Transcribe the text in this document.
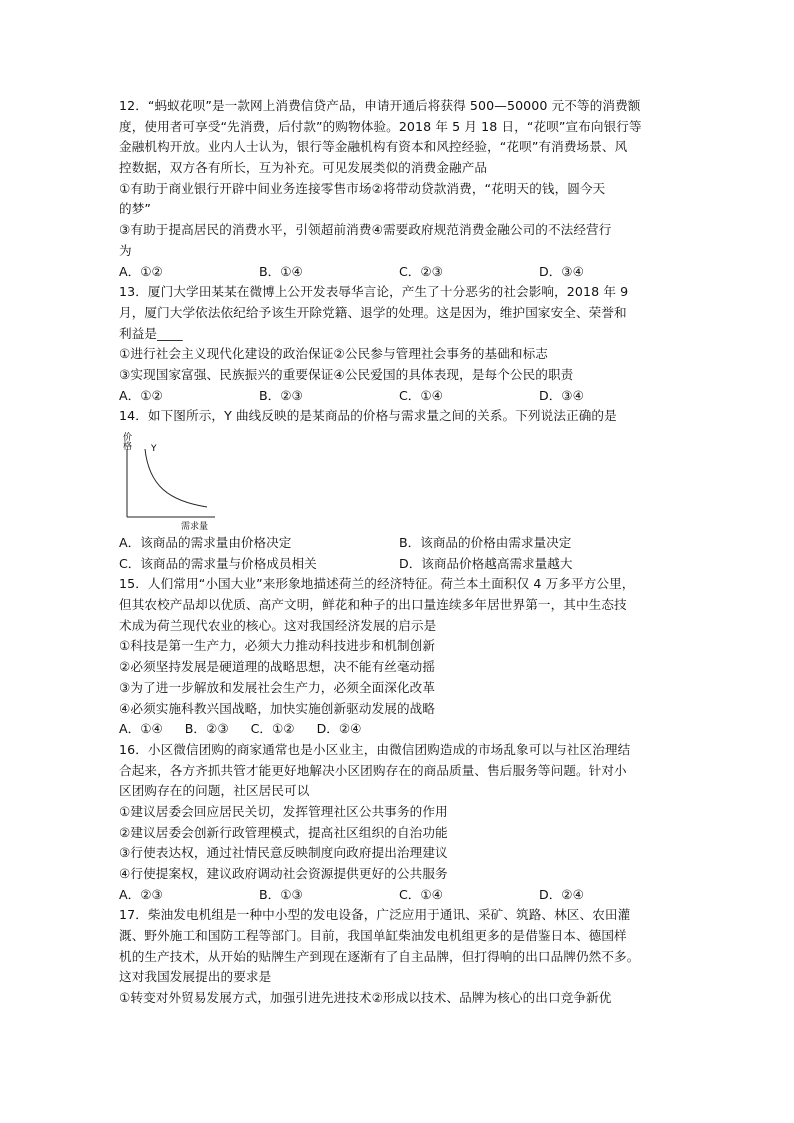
12．“蚂蚁花呗”是一款网上消费信贷产品，申请开通后将获得 500—50000 元不等的消费额
度，使用者可享受“先消费，后付款”的购物体验。2018 年 5 月 18 日，“花呗”宣布向银行等
金融机构开放。业内人士认为，银行等金融机构有资本和风控经验，“花呗”有消费场景、风
控数据，双方各有所长，互为补充。可见发展类似的消费金融产品
①有助于商业银行开辟中间业务连接零售市场②将带动贷款消费，“花明天的钱，圆今天
的梦”
③有助于提高居民的消费水平，引领超前消费④需要政府规范消费金融公司的不法经营行
为
A．①②	B．①④	C．②③	D．③④
13．厦门大学田某某在微博上公开发表辱华言论，产生了十分恶劣的社会影响，2018 年 9
月，厦门大学依法依纪给予该生开除党籍、退学的处理。这是因为，维护国家安全、荣誉和
利益是____
①进行社会主义现代化建设的政治保证②公民参与管理社会事务的基础和标志
③实现国家富强、民族振兴的重要保证④公民爱国的具体表现，是每个公民的职责
A．①②	B．②③	C．①④	D．③④
14．如下图所示，Y 曲线反映的是某商品的价格与需求量之间的关系。下列说法正确的是
价
格 Y
需求量
A．该商品的需求量由价格决定	B．该商品的价格由需求量决定
C．该商品的需求量与价格成员相关	D．该商品价格越高需求量越大
15．人们常用“小国大业”来形象地描述荷兰的经济特征。荷兰本土面积仅 4 万多平方公里，
但其农校产品却以优质、高产文明，鲜花和种子的出口量连续多年居世界第一，其中生态技
术成为荷兰现代农业的核心。这对我国经济发展的启示是
①科技是第一生产力，必须大力推动科技进步和机制创新
②必须坚持发展是硬道理的战略思想，决不能有丝毫动摇
③为了进一步解放和发展社会生产力，必须全面深化改革
④必须实施科教兴国战略，加快实施创新驱动发展的战略
A．①④ B．②③ C．①② D．②④
16．小区微信团购的商家通常也是小区业主，由微信团购造成的市场乱象可以与社区治理结
合起来，各方齐抓共管才能更好地解决小区团购存在的商品质量、售后服务等问题。针对小
区团购存在的问题，社区居民可以
①建议居委会回应居民关切，发挥管理社区公共事务的作用
②建议居委会创新行政管理模式，提高社区组织的自治功能
③行使表达权，通过社情民意反映制度向政府提出治理建议
④行使提案权，建议政府调动社会资源提供更好的公共服务
A．②③	B．①③	C．①④	D．②④
17．柴油发电机组是一种中小型的发电设备，广泛应用于通讯、采矿、筑路、林区、农田灌
溉、野外施工和国防工程等部门。目前，我国单缸柴油发电机组更多的是借鉴日本、德国样
机的生产技术，从开始的贴牌生产到现在逐渐有了自主品牌，但打得响的出口品牌仍然不多。
这对我国发展提出的要求是
①转变对外贸易发展方式，加强引进先进技术②形成以技术、品牌为核心的出口竞争新优
